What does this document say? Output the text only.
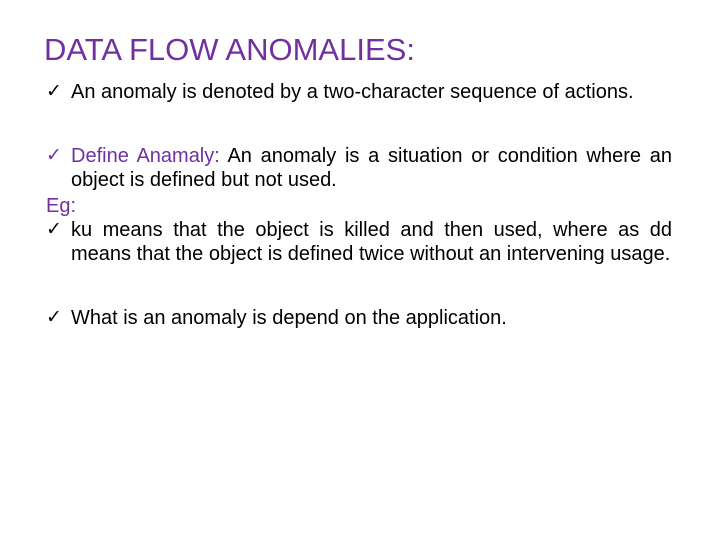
DATA FLOW ANOMALIES:
✓ An anomaly is denoted by a two-character sequence of actions.
✓ Define Anamaly: An anomaly is a situation or condition where an object is defined but not used.
Eg:
✓ ku means that the object is killed and then used, where as dd means that the object is defined twice without an intervening usage.
✓ What is an anomaly is depend on the application.
